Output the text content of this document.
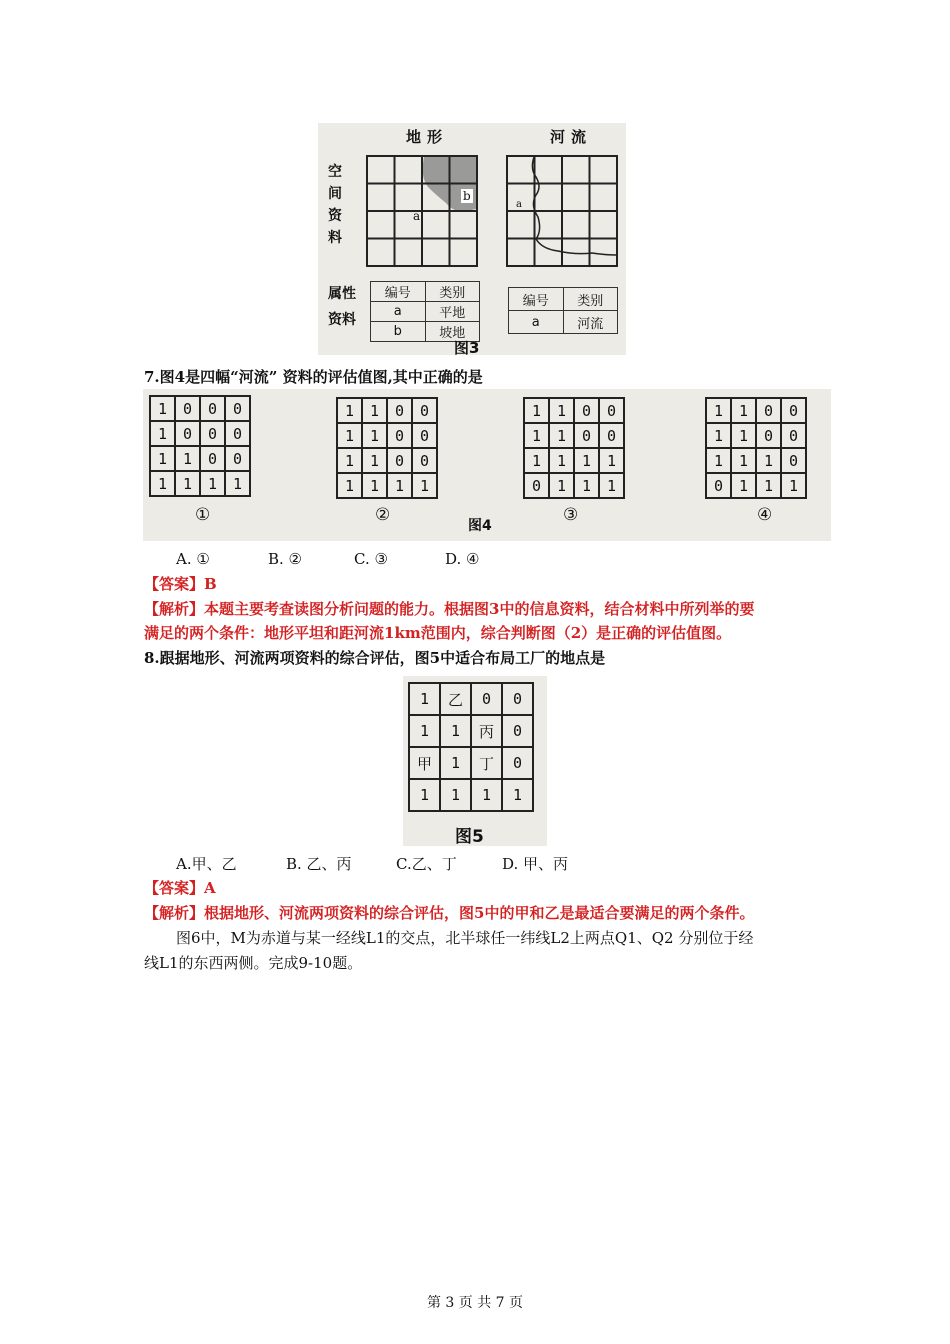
地形	河流
空
间
资
料
a
b
a
属性
资料
编号	类别
a	平地
b	坡地
编号	类别
a	河流
图3
7.图4是四幅“河流” 资料的评估值图,其中正确的是
1	0	0	0
1	0	0	0
1	1	0	0
1	1	1	1
①
1	1	0	0
1	1	0	0
1	1	0	0
1	1	1	1
②
1	1	0	0
1	1	0	0
1	1	1	1
0	1	1	1
图4
③
1	1	0	0
1	1	0	0
1	1	1	0
0	1	1	1
④
A. ①	B. ②	C. ③	D. ④
【答案】B
【解析】本题主要考查读图分析问题的能力。根据图3中的信息资料，结合材料中所列举的要
满足的两个条件：地形平坦和距河流1km范围内，综合判断图（2）是正确的评估值图。
8.跟据地形、河流两项资料的综合评估，图5中适合布局工厂的地点是
1	乙	0	0
1	1	丙	0
甲	1	丁	0
1	1	1	1
图5
A.甲、乙	B. 乙、丙	C.乙、丁	D. 甲、丙
【答案】A
【解析】根据地形、河流两项资料的综合评估，图5中的甲和乙是最适合要满足的两个条件。
图6中，M为赤道与某一经线L1的交点，北半球任一纬线L2上两点Q1、Q2 分别位于经
线L1的东西两侧。完成9-10题。
第 3 页 共 7 页
